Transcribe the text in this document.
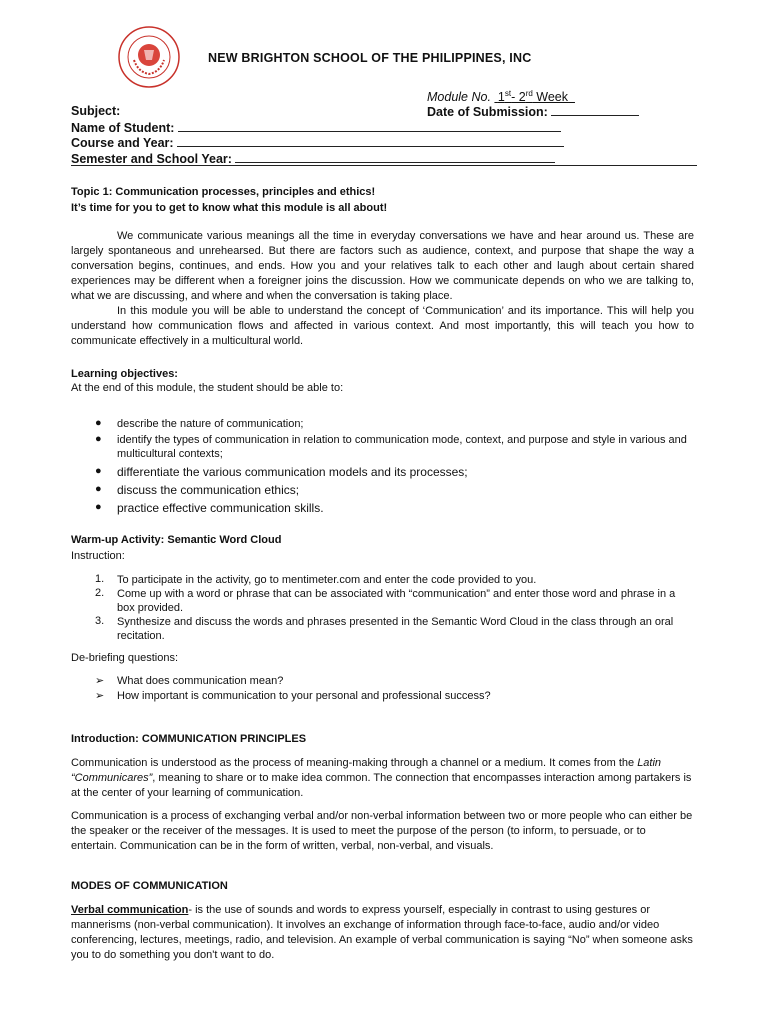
NEW BRIGHTON SCHOOL OF THE PHILIPPINES, INC
Module No. 1st- 2rd Week
Subject:	Date of Submission:
Name of Student:
Course and Year:
Semester and School Year:
Topic 1: Communication processes, principles and ethics!
It’s time for you to get to know what this module is all about!
We communicate various meanings all the time in everyday conversations we have and hear around us. These are largely spontaneous and unrehearsed. But there are factors such as audience, context, and purpose that shape the way a conversation begins, continues, and ends. How you and your relatives talk to each other and laugh about certain shared experiences may be different when a foreigner joins the discussion. How we communicate depends on who we are talking to, what we are discussing, and where and when the conversation is taking place.
In this module you will be able to understand the concept of ‘Communication’ and its importance. This will help you understand how communication flows and affected in various context. And most importantly, this will teach you how to communicate effectively in a multicultural world.
Learning objectives:
At the end of this module, the student should be able to:
● describe the nature of communication;
● identify the types of communication in relation to communication mode, context, and purpose and style in various and multicultural contexts;
● differentiate the various communication models and its processes;
● discuss the communication ethics;
● practice effective communication skills.
Warm-up Activity: Semantic Word Cloud
Instruction:
1. To participate in the activity, go to mentimeter.com and enter the code provided to you.
2. Come up with a word or phrase that can be associated with “communication” and enter those word and phrase in a box provided.
3. Synthesize and discuss the words and phrases presented in the Semantic Word Cloud in the class through an oral recitation.
De-briefing questions:
➢ What does communication mean?
➢ How important is communication to your personal and professional success?
Introduction: COMMUNICATION PRINCIPLES
Communication is understood as the process of meaning-making through a channel or a medium. It comes from the Latin “Communicares”, meaning to share or to make idea common. The connection that encompasses interaction among partakers is at the center of your learning of communication.
Communication is a process of exchanging verbal and/or non-verbal information between two or more people who can either be the speaker or the receiver of the messages. It is used to meet the purpose of the person (to inform, to persuade, or to entertain. Communication can be in the form of written, verbal, non-verbal, and visuals.
MODES OF COMMUNICATION
Verbal communication- is the use of sounds and words to express yourself, especially in contrast to using gestures or mannerisms (non-verbal communication). It involves an exchange of information through face-to-face, audio and/or video conferencing, lectures, meetings, radio, and television. An example of verbal communication is saying “No” when someone asks you to do something you don't want to do.
